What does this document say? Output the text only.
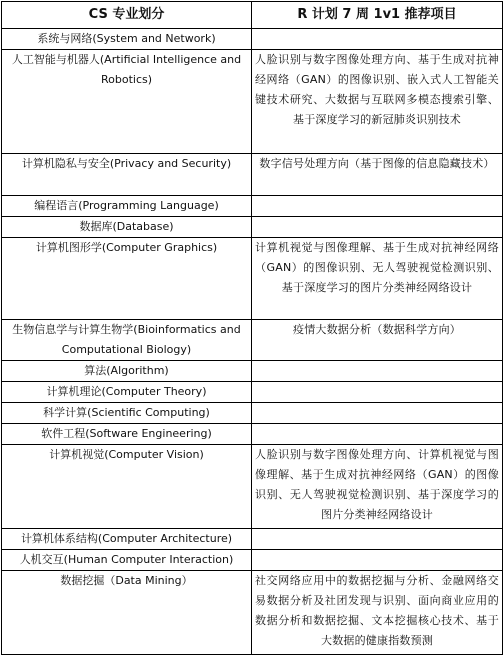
CS 专业划分	R 计划 7 周 1v1 推荐项目
系统与网络(System and Network)	
人工智能与机器人(Artificial Intelligence and Robotics)	人脸识别与数字图像处理方向、基于生成对抗神经网络（GAN）的图像识别、嵌入式人工智能关键技术研究、大数据与互联网多模态搜索引擎、基于深度学习的新冠肺炎识别技术
计算机隐私与安全(Privacy and Security)	数字信号处理方向（基于图像的信息隐藏技术）
编程语言(Programming Language)	
数据库(Database)	
计算机图形学(Computer Graphics)	计算机视觉与图像理解、基于生成对抗神经网络（GAN）的图像识别、无人驾驶视觉检测识别、基于深度学习的图片分类神经网络设计
生物信息学与计算生物学(Bioinformatics and Computational Biology)	疫情大数据分析（数据科学方向）
算法(Algorithm)	
计算机理论(Computer Theory)	
科学计算(Scientific Computing)	
软件工程(Software Engineering)	
计算机视觉(Computer Vision)	人脸识别与数字图像处理方向、计算机视觉与图像理解、基于生成对抗神经网络（GAN）的图像识别、无人驾驶视觉检测识别、基于深度学习的图片分类神经网络设计
计算机体系结构(Computer Architecture)	
人机交互(Human Computer Interaction)	
数据挖掘（Data Mining）	社交网络应用中的数据挖掘与分析、金融网络交易数据分析及社团发现与识别、面向商业应用的数据分析和数据挖掘、文本挖掘核心技术、基于大数据的健康指数预测
